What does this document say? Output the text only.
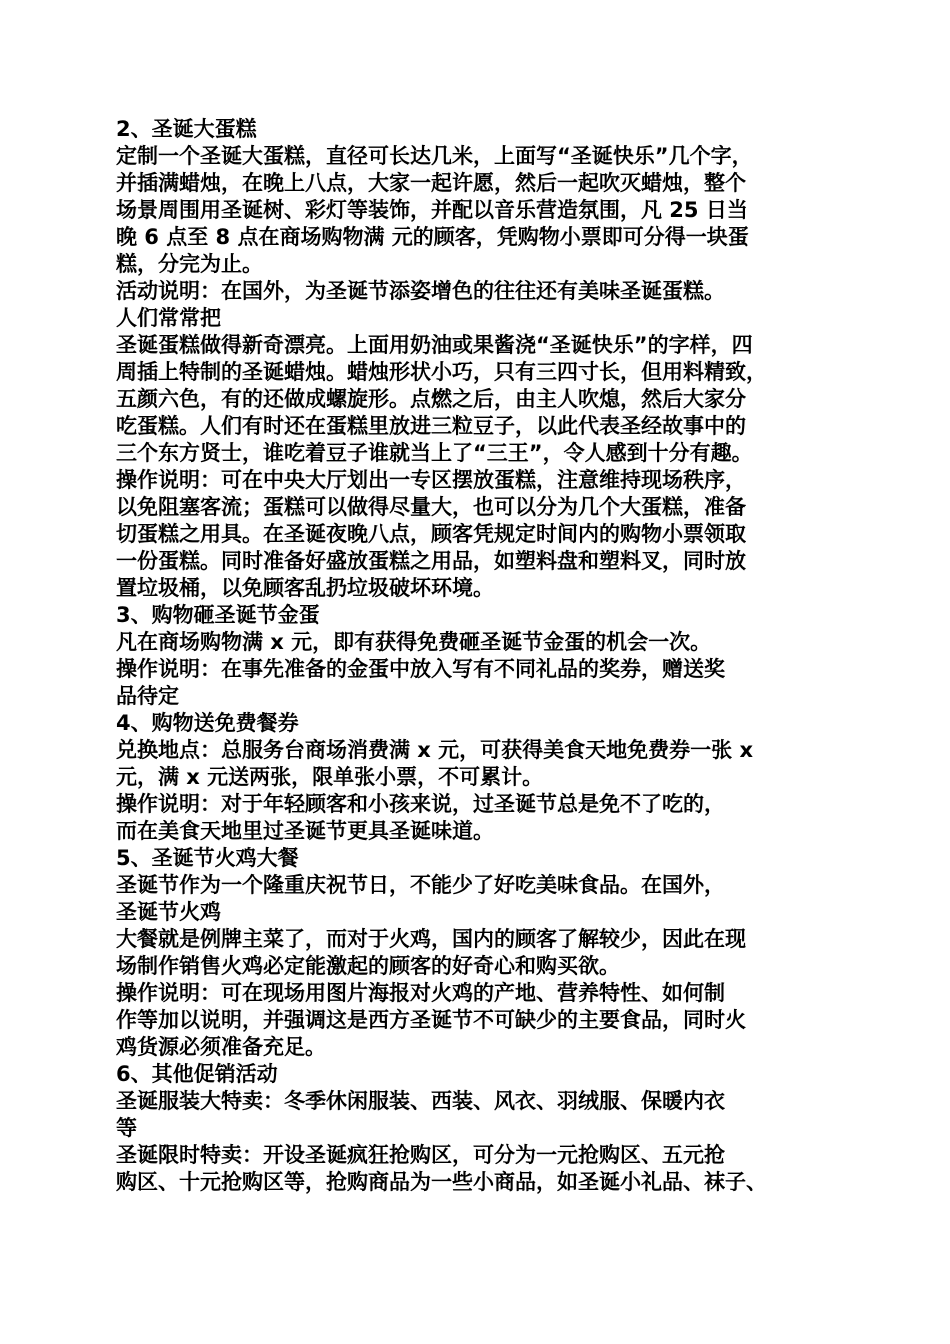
2、圣诞大蛋糕
定制一个圣诞大蛋糕，直径可长达几米，上面写“圣诞快乐”几个字，
并插满蜡烛，在晚上八点，大家一起许愿，然后一起吹灭蜡烛，整个
场景周围用圣诞树、彩灯等装饰，并配以音乐营造氛围，凡 25 日当
晚 6 点至 8 点在商场购物满 元的顾客，凭购物小票即可分得一块蛋
糕，分完为止。
活动说明：在国外，为圣诞节添姿增色的往往还有美味圣诞蛋糕。
人们常常把
圣诞蛋糕做得新奇漂亮。上面用奶油或果酱浇“圣诞快乐”的字样，四
周插上特制的圣诞蜡烛。蜡烛形状小巧，只有三四寸长，但用料精致，
五颜六色，有的还做成螺旋形。点燃之后，由主人吹熄，然后大家分
吃蛋糕。人们有时还在蛋糕里放进三粒豆子，以此代表圣经故事中的
三个东方贤士，谁吃着豆子谁就当上了“三王”，令人感到十分有趣。
操作说明：可在中央大厅划出一专区摆放蛋糕，注意维持现场秩序，
以免阻塞客流；蛋糕可以做得尽量大，也可以分为几个大蛋糕，准备
切蛋糕之用具。在圣诞夜晚八点，顾客凭规定时间内的购物小票领取
一份蛋糕。同时准备好盛放蛋糕之用品，如塑料盘和塑料叉，同时放
置垃圾桶，以免顾客乱扔垃圾破坏环境。
3、购物砸圣诞节金蛋
凡在商场购物满 x 元，即有获得免费砸圣诞节金蛋的机会一次。
操作说明：在事先准备的金蛋中放入写有不同礼品的奖券，赠送奖
品待定
4、购物送免费餐券
兑换地点：总服务台商场消费满 x 元，可获得美食天地免费券一张 x
元，满 x 元送两张，限单张小票，不可累计。
操作说明：对于年轻顾客和小孩来说，过圣诞节总是免不了吃的，
而在美食天地里过圣诞节更具圣诞味道。
5、圣诞节火鸡大餐
圣诞节作为一个隆重庆祝节日，不能少了好吃美味食品。在国外，
圣诞节火鸡
大餐就是例牌主菜了，而对于火鸡，国内的顾客了解较少，因此在现
场制作销售火鸡必定能激起的顾客的好奇心和购买欲。
操作说明：可在现场用图片海报对火鸡的产地、营养特性、如何制
作等加以说明，并强调这是西方圣诞节不可缺少的主要食品，同时火
鸡货源必须准备充足。
6、其他促销活动
圣诞服装大特卖：冬季休闲服装、西装、风衣、羽绒服、保暖内衣
等
圣诞限时特卖：开设圣诞疯狂抢购区，可分为一元抢购区、五元抢
购区、十元抢购区等，抢购商品为一些小商品，如圣诞小礼品、袜子、
